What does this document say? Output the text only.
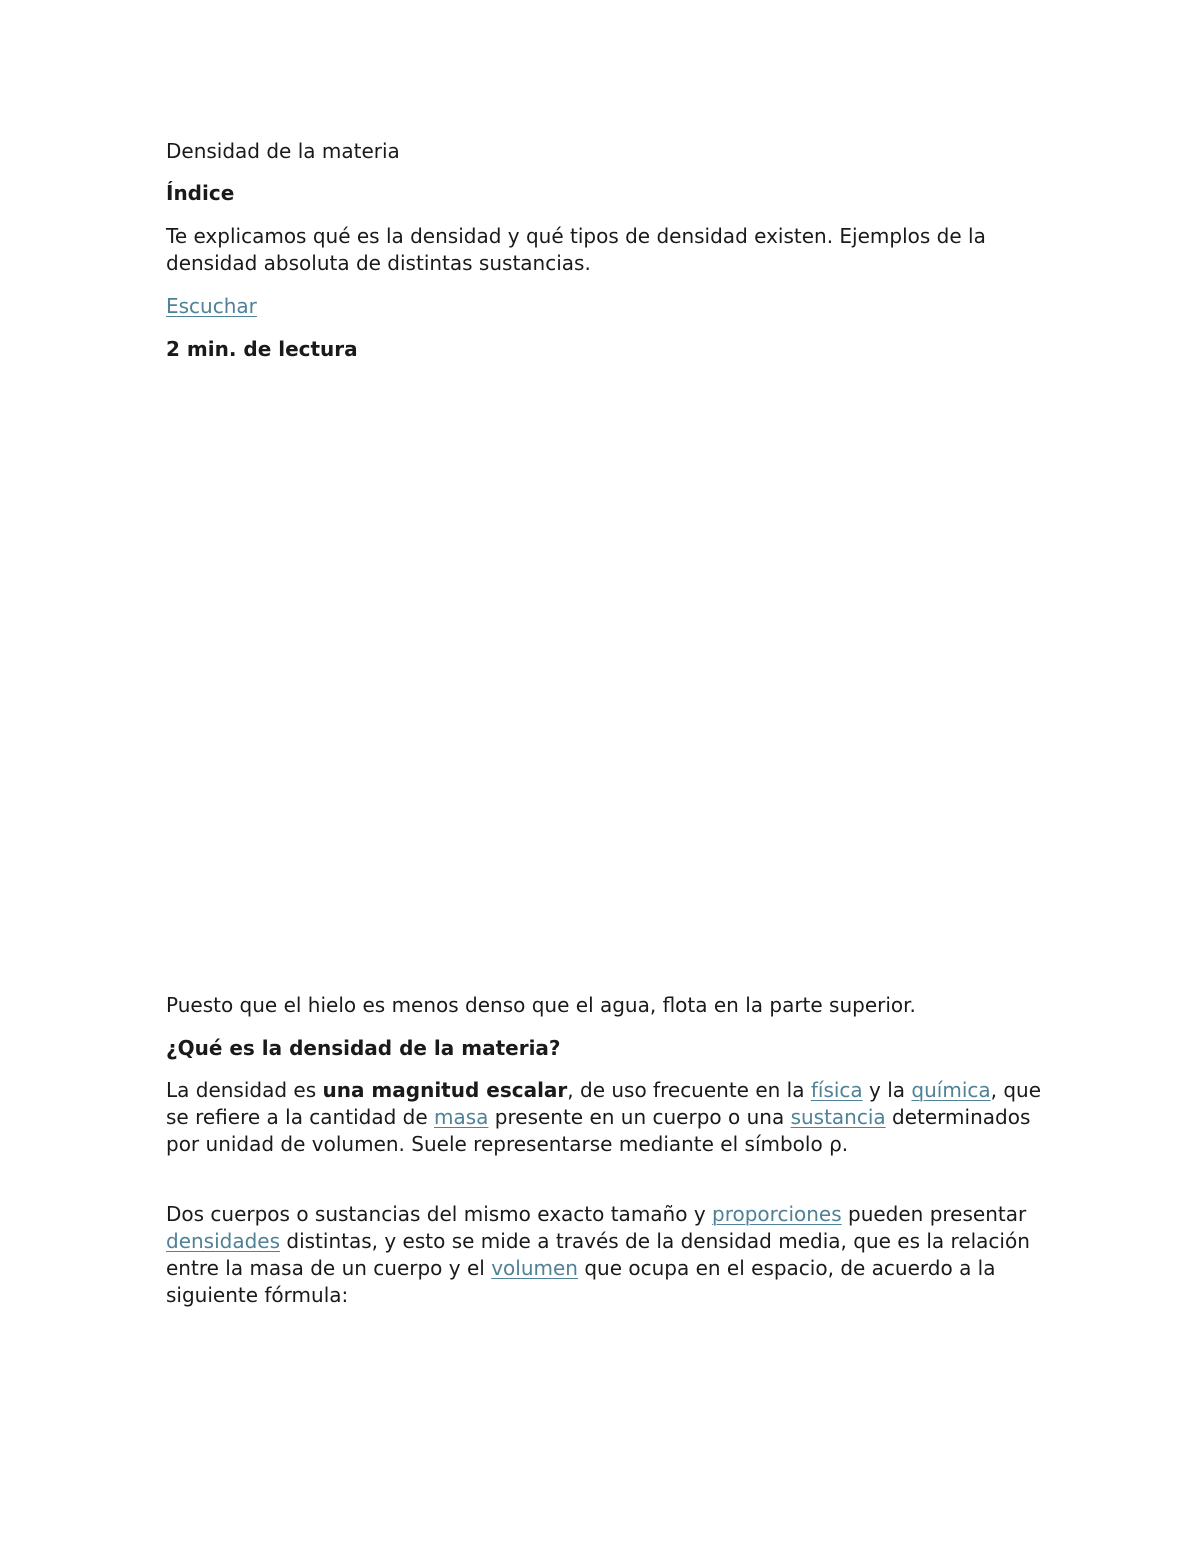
Densidad de la materia

Índice

Te explicamos qué es la densidad y qué tipos de densidad existen. Ejemplos de la densidad absoluta de distintas sustancias.

Escuchar

2 min. de lectura

Puesto que el hielo es menos denso que el agua, flota en la parte superior.

¿Qué es la densidad de la materia?

La densidad es una magnitud escalar, de uso frecuente en la física y la química, que se refiere a la cantidad de masa presente en un cuerpo o una sustancia determinados por unidad de volumen. Suele representarse mediante el símbolo ρ.

Dos cuerpos o sustancias del mismo exacto tamaño y proporciones pueden presentar densidades distintas, y esto se mide a través de la densidad media, que es la relación entre la masa de un cuerpo y el volumen que ocupa en el espacio, de acuerdo a la siguiente fórmula:
